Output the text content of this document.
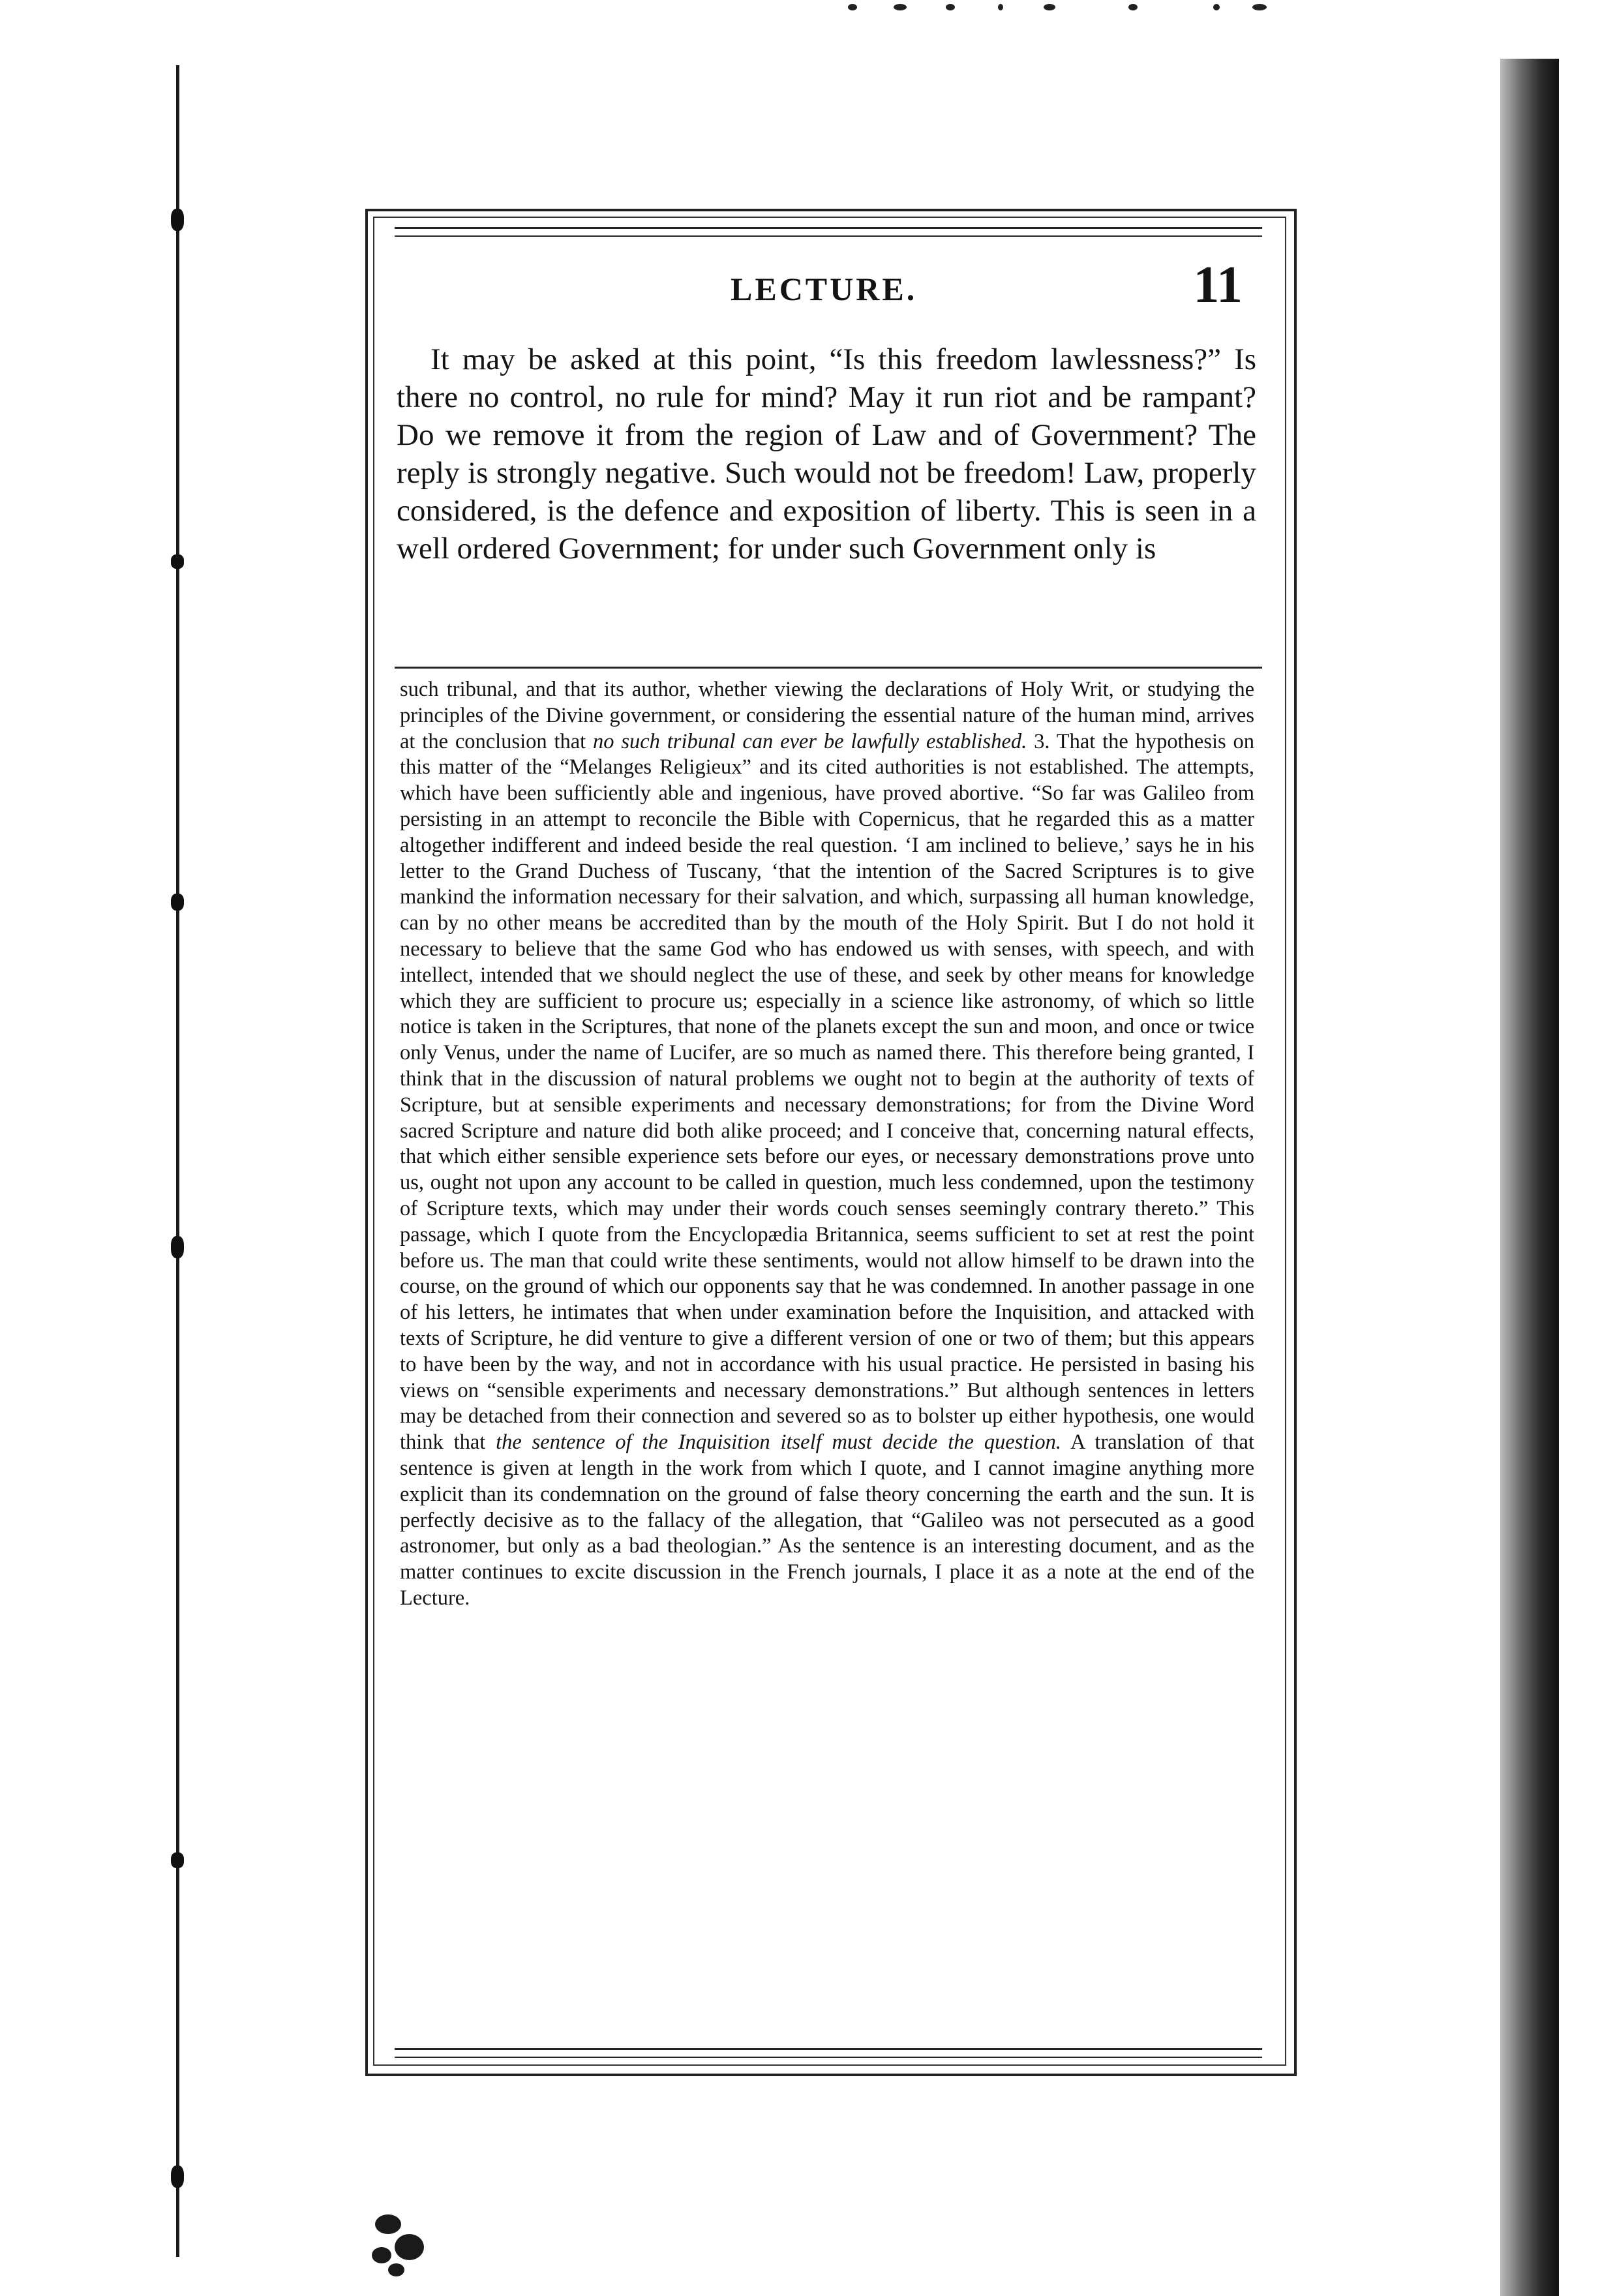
LECTURE.	11

It may be asked at this point, “Is this freedom lawlessness?” Is there no control, no rule for mind? May it run riot and be rampant? Do we remove it from the region of Law and of Government? The reply is strongly negative. Such would not be freedom! Law, properly considered, is the defence and exposition of liberty. This is seen in a well ordered Government; for under such Government only is

such tribunal, and that its author, whether viewing the declarations of Holy Writ, or studying the principles of the Divine government, or considering the essential nature of the human mind, arrives at the conclusion that no such tribunal can ever be lawfully established. 3. That the hypothesis on this matter of the “Melanges Religieux” and its cited authorities is not established. The attempts, which have been sufficiently able and ingenious, have proved abortive. “So far was Galileo from persisting in an attempt to reconcile the Bible with Copernicus, that he regarded this as a matter altogether indifferent and indeed beside the real question. ‘I am inclined to believe,’ says he in his letter to the Grand Duchess of Tuscany, ‘that the intention of the Sacred Scriptures is to give mankind the information necessary for their salvation, and which, surpassing all human knowledge, can by no other means be accredited than by the mouth of the Holy Spirit. But I do not hold it necessary to believe that the same God who has endowed us with senses, with speech, and with intellect, intended that we should neglect the use of these, and seek by other means for knowledge which they are sufficient to procure us; especially in a science like astronomy, of which so little notice is taken in the Scriptures, that none of the planets except the sun and moon, and once or twice only Venus, under the name of Lucifer, are so much as named there. This therefore being granted, I think that in the discussion of natural problems we ought not to begin at the authority of texts of Scripture, but at sensible experiments and necessary demonstrations; for from the Divine Word sacred Scripture and nature did both alike proceed; and I conceive that, concerning natural effects, that which either sensible experience sets before our eyes, or necessary demonstrations prove unto us, ought not upon any account to be called in question, much less condemned, upon the testimony of Scripture texts, which may under their words couch senses seemingly contrary thereto.” This passage, which I quote from the Encyclopædia Britannica, seems sufficient to set at rest the point before us. The man that could write these sentiments, would not allow himself to be drawn into the course, on the ground of which our opponents say that he was condemned. In another passage in one of his letters, he intimates that when under examination before the Inquisition, and attacked with texts of Scripture, he did venture to give a different version of one or two of them; but this appears to have been by the way, and not in accordance with his usual practice. He persisted in basing his views on “sensible experiments and necessary demonstrations.” But although sentences in letters may be detached from their connection and severed so as to bolster up either hypothesis, one would think that the sentence of the Inquisition itself must decide the question. A translation of that sentence is given at length in the work from which I quote, and I cannot imagine anything more explicit than its condemnation on the ground of false theory concerning the earth and the sun. It is perfectly decisive as to the fallacy of the allegation, that “Galileo was not persecuted as a good astronomer, but only as a bad theologian.” As the sentence is an interesting document, and as the matter continues to excite discussion in the French journals, I place it as a note at the end of the Lecture.
